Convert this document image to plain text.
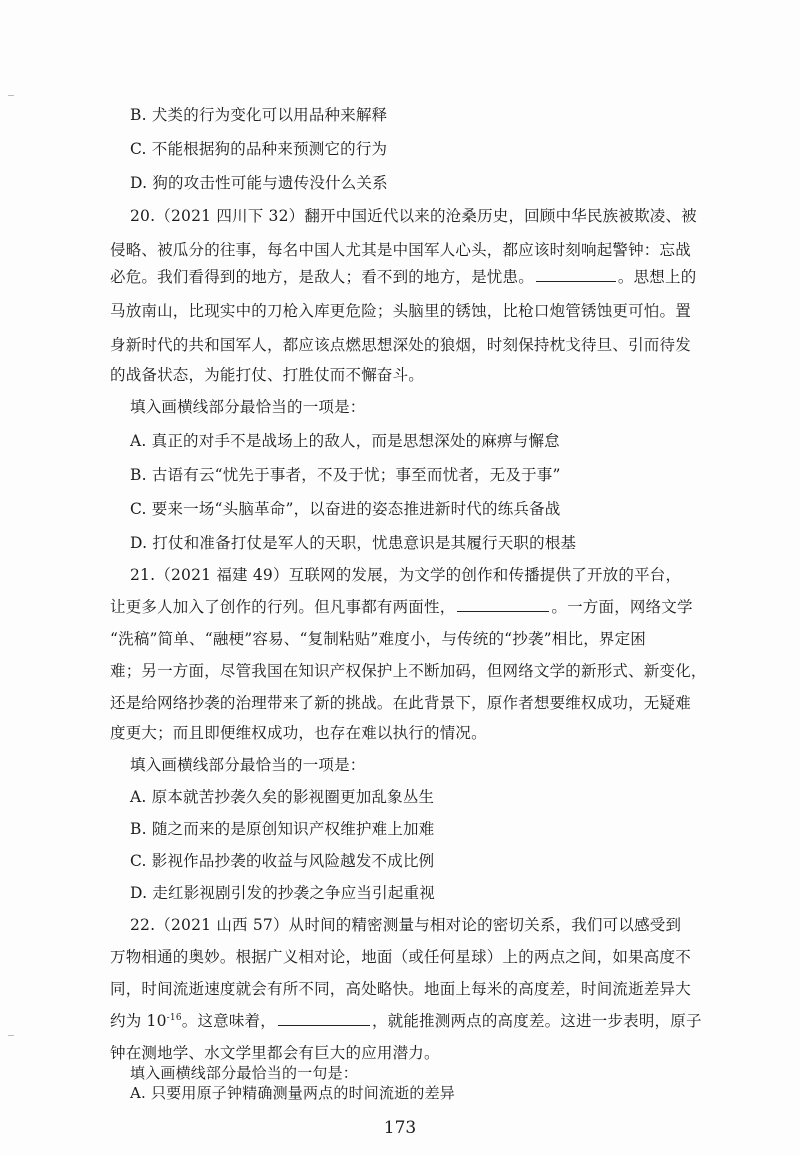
B. 犬类的行为变化可以用品种来解释
C. 不能根据狗的品种来预测它的行为
D. 狗的攻击性可能与遗传没什么关系
20.（2021 四川下 32）翻开中国近代以来的沧桑历史，回顾中华民族被欺凌、被
侵略、被瓜分的往事，每名中国人尤其是中国军人心头，都应该时刻响起警钟：忘战
必危。我们看得到的地方，是敌人；看不到的地方，是忧患。	。思想上的
马放南山，比现实中的刀枪入库更危险；头脑里的锈蚀，比枪口炮管锈蚀更可怕。置
身新时代的共和国军人，都应该点燃思想深处的狼烟，时刻保持枕戈待旦、引而待发
的战备状态，为能打仗、打胜仗而不懈奋斗。
填入画横线部分最恰当的一项是：
A. 真正的对手不是战场上的敌人，而是思想深处的麻痹与懈怠
B. 古语有云“忧先于事者，不及于忧；事至而忧者，无及于事”
C. 要来一场“头脑革命”，以奋进的姿态推进新时代的练兵备战
D. 打仗和准备打仗是军人的天职，忧患意识是其履行天职的根基
21.（2021 福建 49）互联网的发展，为文学的创作和传播提供了开放的平台，
让更多人加入了创作的行列。但凡事都有两面性，	。一方面，网络文学
“洗稿”简单、“融梗”容易、“复制粘贴”难度小，与传统的“抄袭”相比，界定困
难；另一方面，尽管我国在知识产权保护上不断加码，但网络文学的新形式、新变化，
还是给网络抄袭的治理带来了新的挑战。在此背景下，原作者想要维权成功，无疑难
度更大；而且即便维权成功，也存在难以执行的情况。
填入画横线部分最恰当的一项是：
A. 原本就苦抄袭久矣的影视圈更加乱象丛生
B. 随之而来的是原创知识产权维护难上加难
C. 影视作品抄袭的收益与风险越发不成比例
D. 走红影视剧引发的抄袭之争应当引起重视
22.（2021 山西 57）从时间的精密测量与相对论的密切关系，我们可以感受到
万物相通的奥妙。根据广义相对论，地面（或任何星球）上的两点之间，如果高度不
同，时间流逝速度就会有所不同，高处略快。地面上每米的高度差，时间流逝差异大
约为 $10^{-16}$。这意味着，	，就能推测两点的高度差。这进一步表明，原子
钟在测地学、水文学里都会有巨大的应用潜力。
173
填入画横线部分最恰当的一句是：
A. 只要用原子钟精确测量两点的时间流逝的差异
